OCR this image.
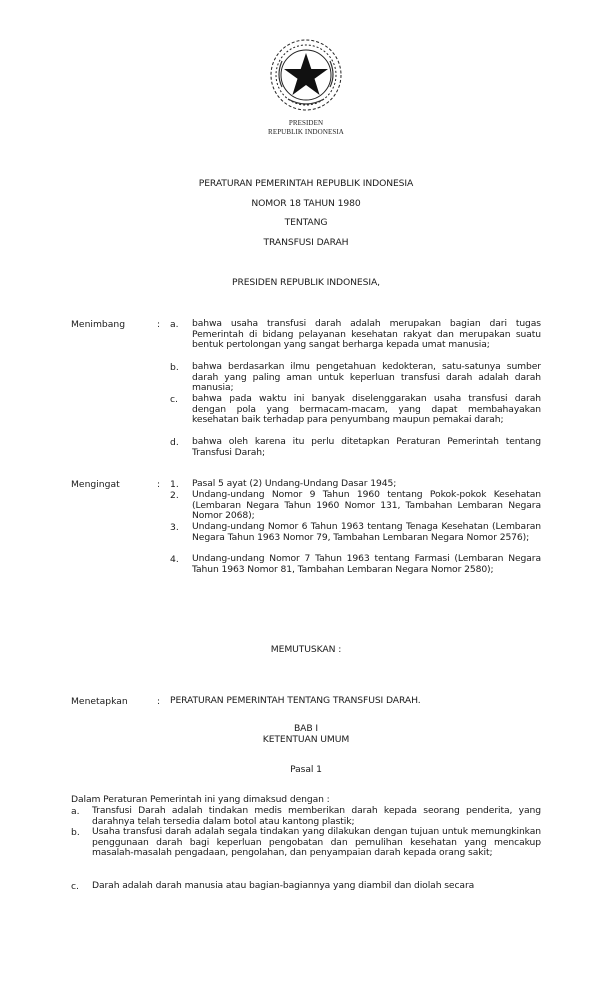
PRESIDEN
REPUBLIK INDONESIA
PERATURAN PEMERINTAH REPUBLIK INDONESIA
NOMOR 18 TAHUN 1980
TENTANG
TRANSFUSI DARAH
PRESIDEN REPUBLIK INDONESIA,
Menimbang	: a. bahwa usaha transfusi darah adalah merupakan bagian dari tugas Pemerintah di bidang pelayanan kesehatan rakyat dan merupakan suatu bentuk pertolongan yang sangat berharga kepada umat manusia;
b. bahwa berdasarkan ilmu pengetahuan kedokteran, satu-satunya sumber darah yang paling aman untuk keperluan transfusi darah adalah darah manusia;
c. bahwa pada waktu ini banyak diselenggarakan usaha transfusi darah dengan pola yang bermacam-macam, yang dapat membahayakan kesehatan baik terhadap para penyumbang maupun pemakai darah;
d. bahwa oleh karena itu perlu ditetapkan Peraturan Pemerintah tentang Transfusi Darah;
Mengingat	: 1. Pasal 5 ayat (2) Undang-Undang Dasar 1945;
2. Undang-undang Nomor 9 Tahun 1960 tentang Pokok-pokok Kesehatan (Lembaran Negara Tahun 1960 Nomor 131, Tambahan Lembaran Negara Nomor 2068);
3. Undang-undang Nomor 6 Tahun 1963 tentang Tenaga Kesehatan (Lembaran Negara Tahun 1963 Nomor 79, Tambahan Lembaran Negara Nomor 2576);
4. Undang-undang Nomor 7 Tahun 1963 tentang Farmasi (Lembaran Negara Tahun 1963 Nomor 81, Tambahan Lembaran Negara Nomor 2580);
MEMUTUSKAN :
Menetapkan	: PERATURAN PEMERINTAH TENTANG TRANSFUSI DARAH.
BAB I
KETENTUAN UMUM
Pasal 1
Dalam Peraturan Pemerintah ini yang dimaksud dengan :
a. Transfusi Darah adalah tindakan medis memberikan darah kepada seorang penderita, yang darahnya telah tersedia dalam botol atau kantong plastik;
b. Usaha transfusi darah adalah segala tindakan yang dilakukan dengan tujuan untuk memungkinkan penggunaan darah bagi keperluan pengobatan dan pemulihan kesehatan yang mencakup masalah-masalah pengadaan, pengolahan, dan penyampaian darah kepada orang sakit;
c. Darah adalah darah manusia atau bagian-bagiannya yang diambil dan diolah secara
